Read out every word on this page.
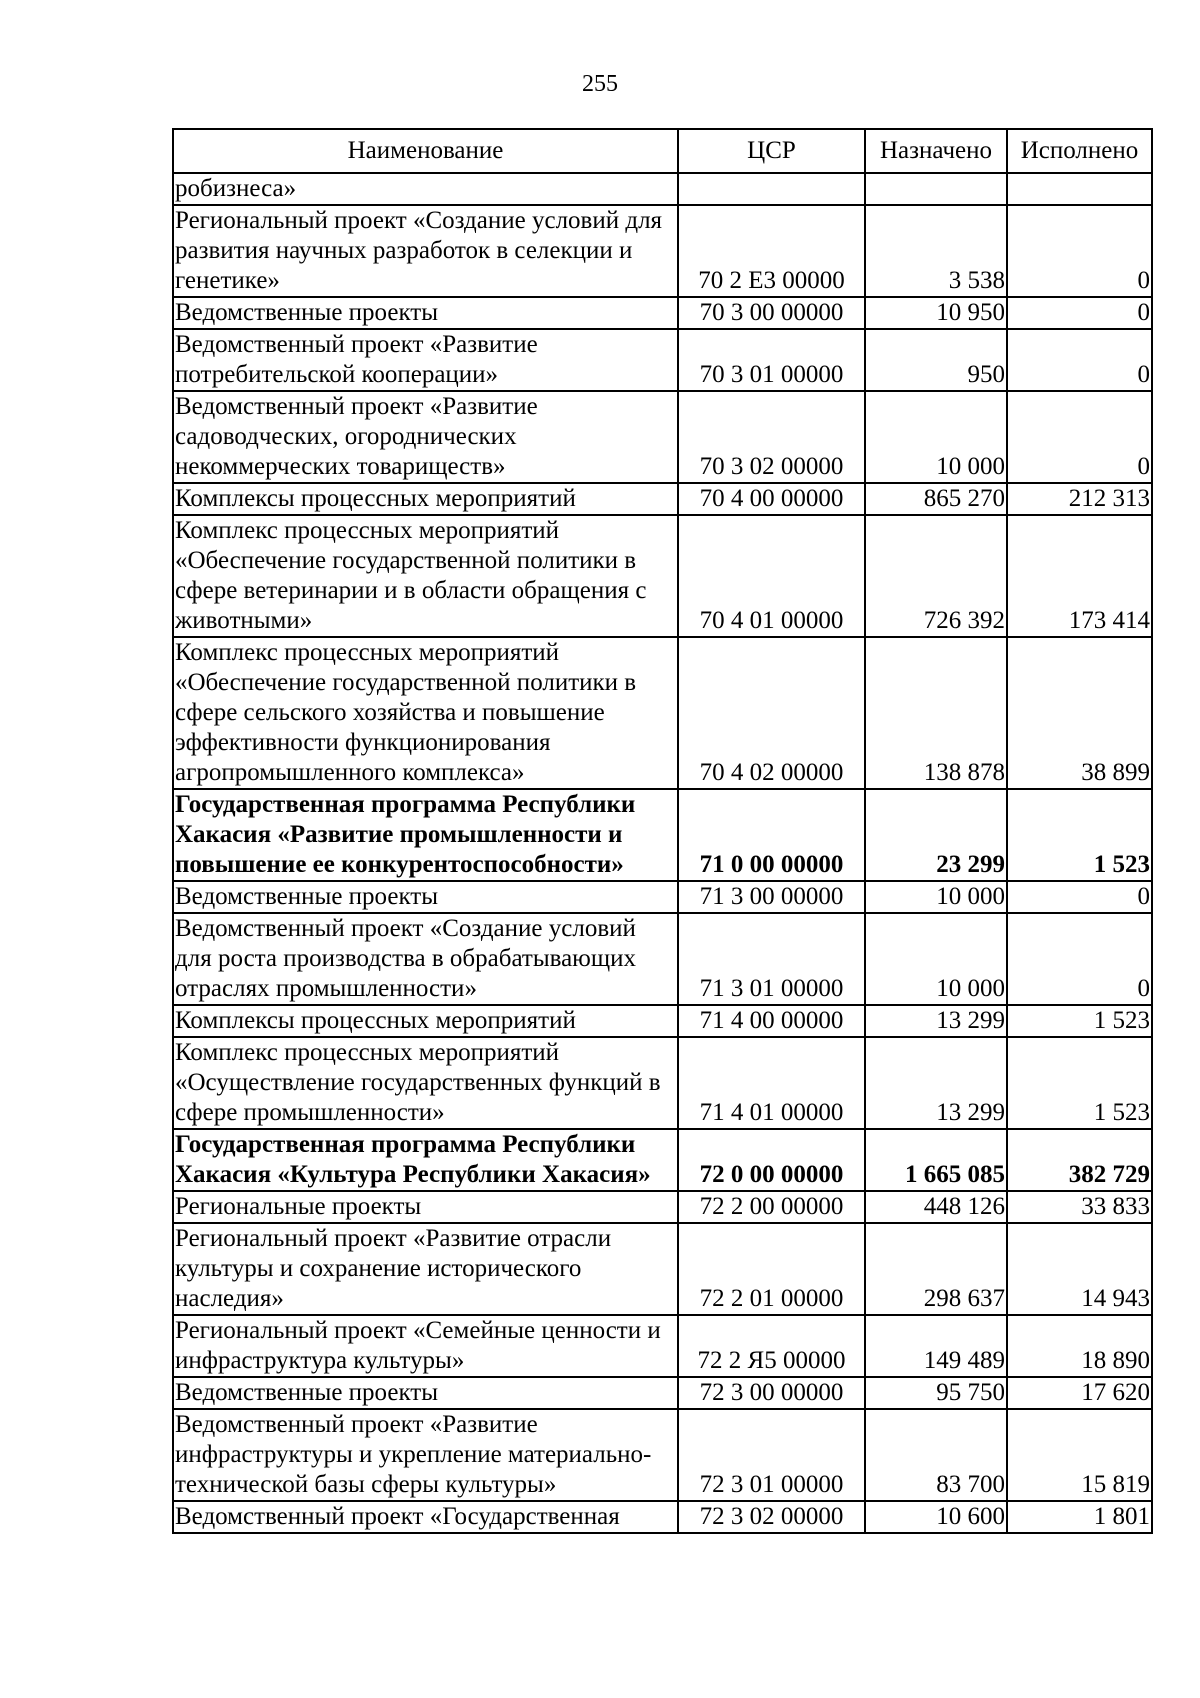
255
Наименование	ЦСР	Назначено	Исполнено
робизнеса»			
Региональный проект «Создание условий для развития научных разработок в селекции и генетике»	70 2 Е3 00000	3 538	0
Ведомственные проекты	70 3 00 00000	10 950	0
Ведомственный проект «Развитие потребительской кооперации»	70 3 01 00000	950	0
Ведомственный проект «Развитие садоводческих, огороднических некоммерческих товариществ»	70 3 02 00000	10 000	0
Комплексы процессных мероприятий	70 4 00 00000	865 270	212 313
Комплекс процессных мероприятий «Обеспечение государственной политики в сфере ветеринарии и в области обращения с животными»	70 4 01 00000	726 392	173 414
Комплекс процессных мероприятий «Обеспечение государственной политики в сфере сельского хозяйства и повышение эффективности функционирования агропромышленного комплекса»	70 4 02 00000	138 878	38 899
Государственная программа Республики Хакасия «Развитие промышленности и повышение ее конкурентоспособности»	71 0 00 00000	23 299	1 523
Ведомственные проекты	71 3 00 00000	10 000	0
Ведомственный проект «Создание условий для роста производства в обрабатывающих отраслях промышленности»	71 3 01 00000	10 000	0
Комплексы процессных мероприятий	71 4 00 00000	13 299	1 523
Комплекс процессных мероприятий «Осуществление государственных функций в сфере промышленности»	71 4 01 00000	13 299	1 523
Государственная программа Республики Хакасия «Культура Республики Хакасия»	72 0 00 00000	1 665 085	382 729
Региональные проекты	72 2 00 00000	448 126	33 833
Региональный проект «Развитие отрасли культуры и сохранение исторического наследия»	72 2 01 00000	298 637	14 943
Региональный проект «Семейные ценности и инфраструктура культуры»	72 2 Я5 00000	149 489	18 890
Ведомственные проекты	72 3 00 00000	95 750	17 620
Ведомственный проект «Развитие инфраструктуры и укрепление материально-технической базы сферы культуры»	72 3 01 00000	83 700	15 819
Ведомственный проект «Государственная	72 3 02 00000	10 600	1 801
